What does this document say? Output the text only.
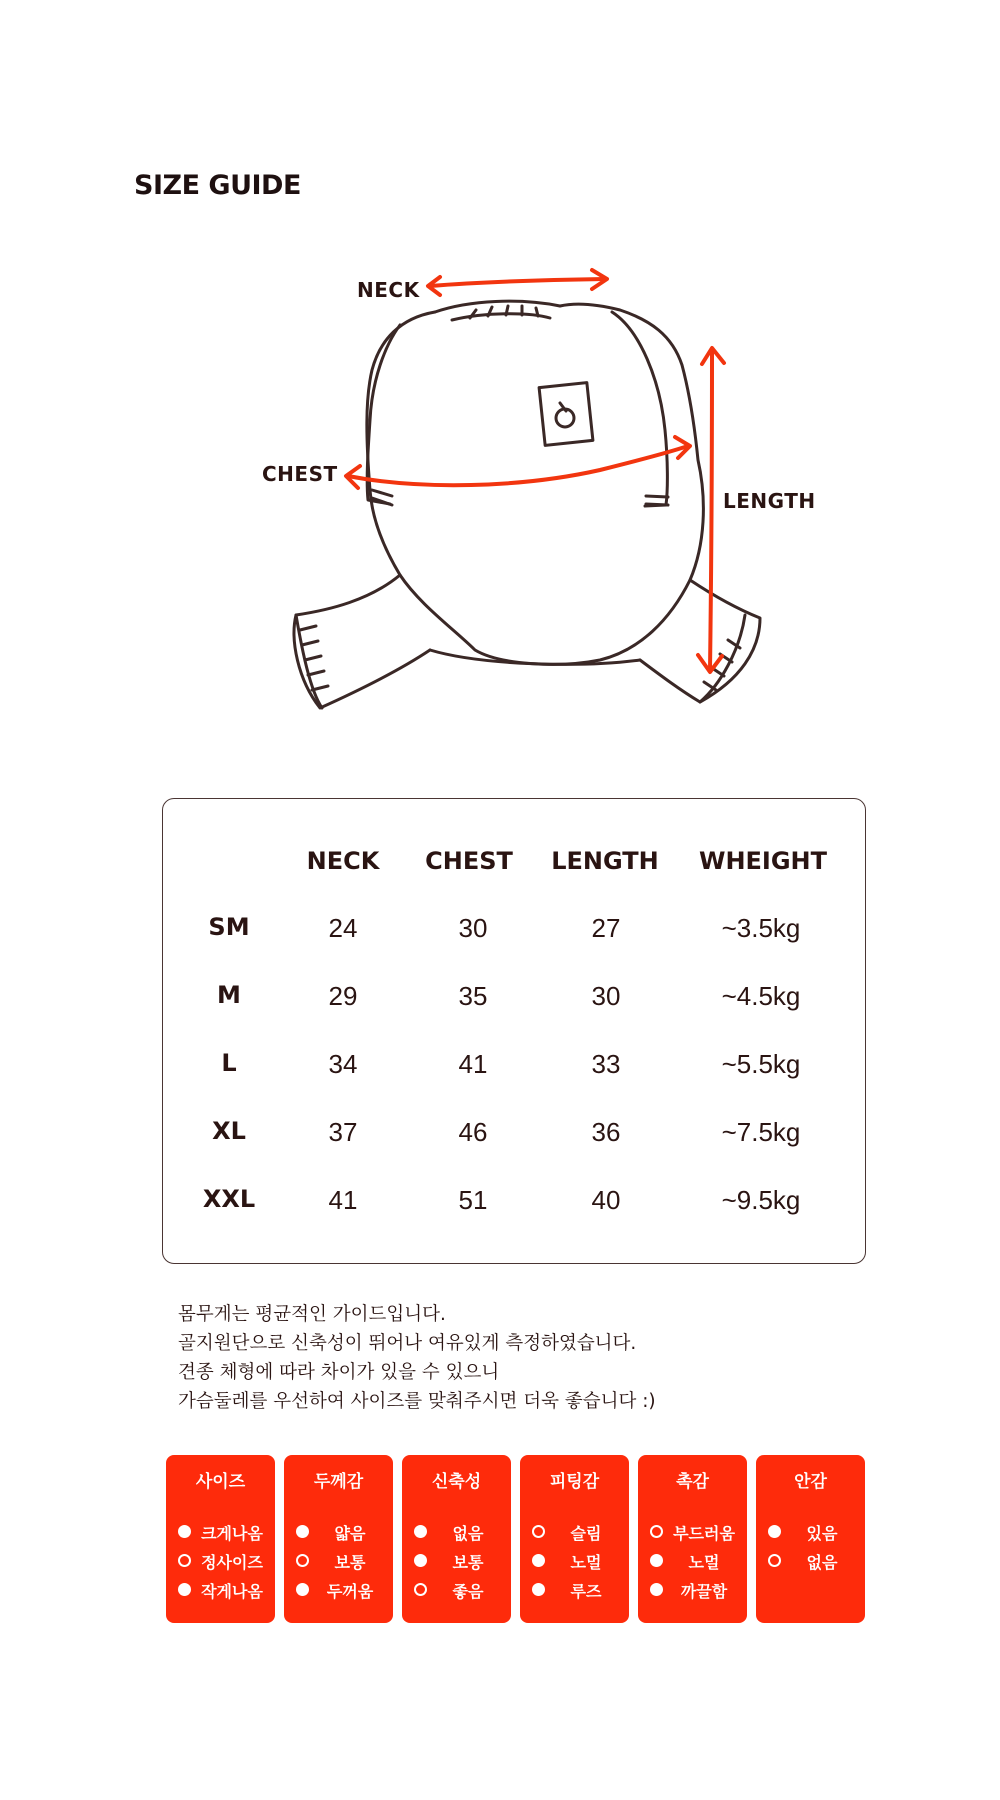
SIZE GUIDE
NECK
CHEST
LENGTH
NECK CHEST LENGTH WHEIGHT
SM	24	30	27	~3.5kg
M	29	35	30	~4.5kg
L	34	41	33	~5.5kg
XL	37	46	36	~7.5kg
XXL	41	51	40	~9.5kg
몸무게는 평균적인 가이드입니다.
골지원단으로 신축성이 뛰어나 여유있게 측정하였습니다.
견종 체형에 따라 차이가 있을 수 있으니
가슴둘레를 우선하여 사이즈를 맞춰주시면 더욱 좋습니다 :)
사이즈
크게나옴
정사이즈
작게나옴
두께감
얇음
보통
두꺼움
신축성
없음
보통
좋음
피팅감
슬림
노멀
루즈
촉감
부드러움
노멀
까끌함
안감
있음
없음
